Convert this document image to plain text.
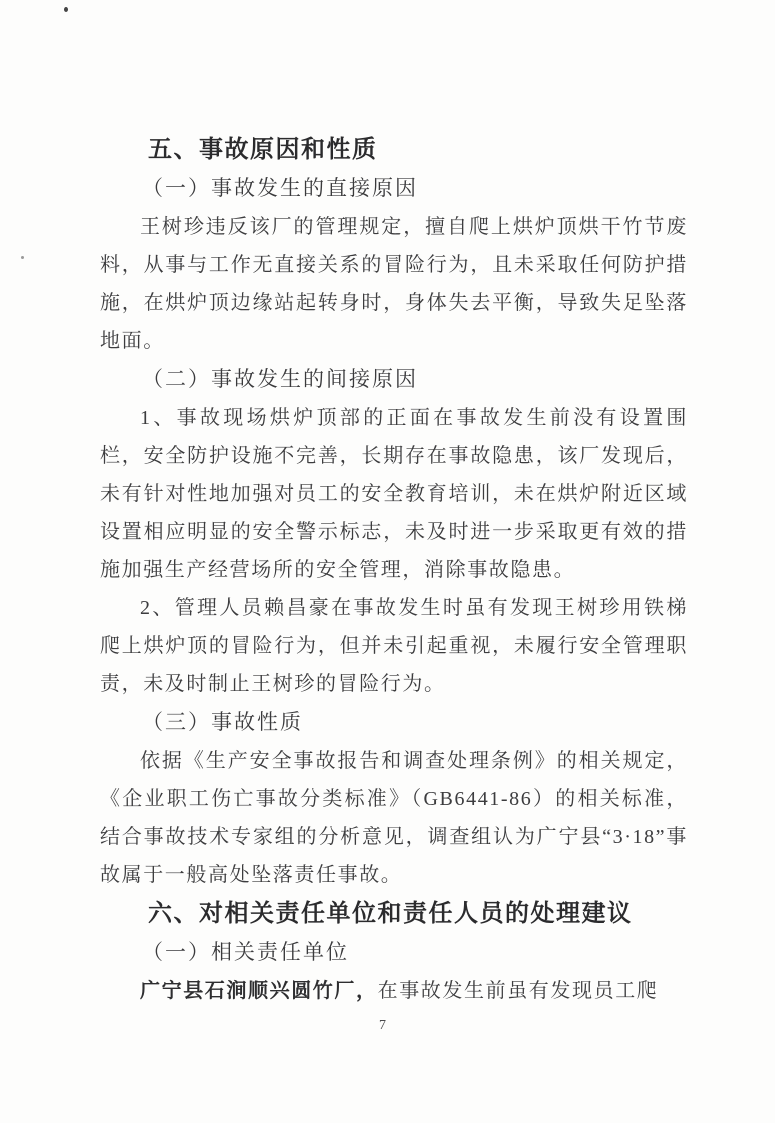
五、事故原因和性质
（一）事故发生的直接原因

王树珍违反该厂的管理规定，擅自爬上烘炉顶烘干竹节废料，从事与工作无直接关系的冒险行为，且未采取任何防护措施，在烘炉顶边缘站起转身时，身体失去平衡，导致失足坠落地面。

（二）事故发生的间接原因

1、事故现场烘炉顶部的正面在事故发生前没有设置围栏，安全防护设施不完善，长期存在事故隐患，该厂发现后，未有针对性地加强对员工的安全教育培训，未在烘炉附近区域设置相应明显的安全警示标志，未及时进一步采取更有效的措施加强生产经营场所的安全管理，消除事故隐患。

2、管理人员赖昌豪在事故发生时虽有发现王树珍用铁梯爬上烘炉顶的冒险行为，但并未引起重视，未履行安全管理职责，未及时制止王树珍的冒险行为。

（三）事故性质

依据《生产安全事故报告和调查处理条例》的相关规定，《企业职工伤亡事故分类标准》（GB6441-86）的相关标准，结合事故技术专家组的分析意见，调查组认为广宁县“3·18”事故属于一般高处坠落责任事故。

六、对相关责任单位和责任人员的处理建议
（一）相关责任单位

广宁县石涧顺兴圆竹厂，在事故发生前虽有发现员工爬

7
